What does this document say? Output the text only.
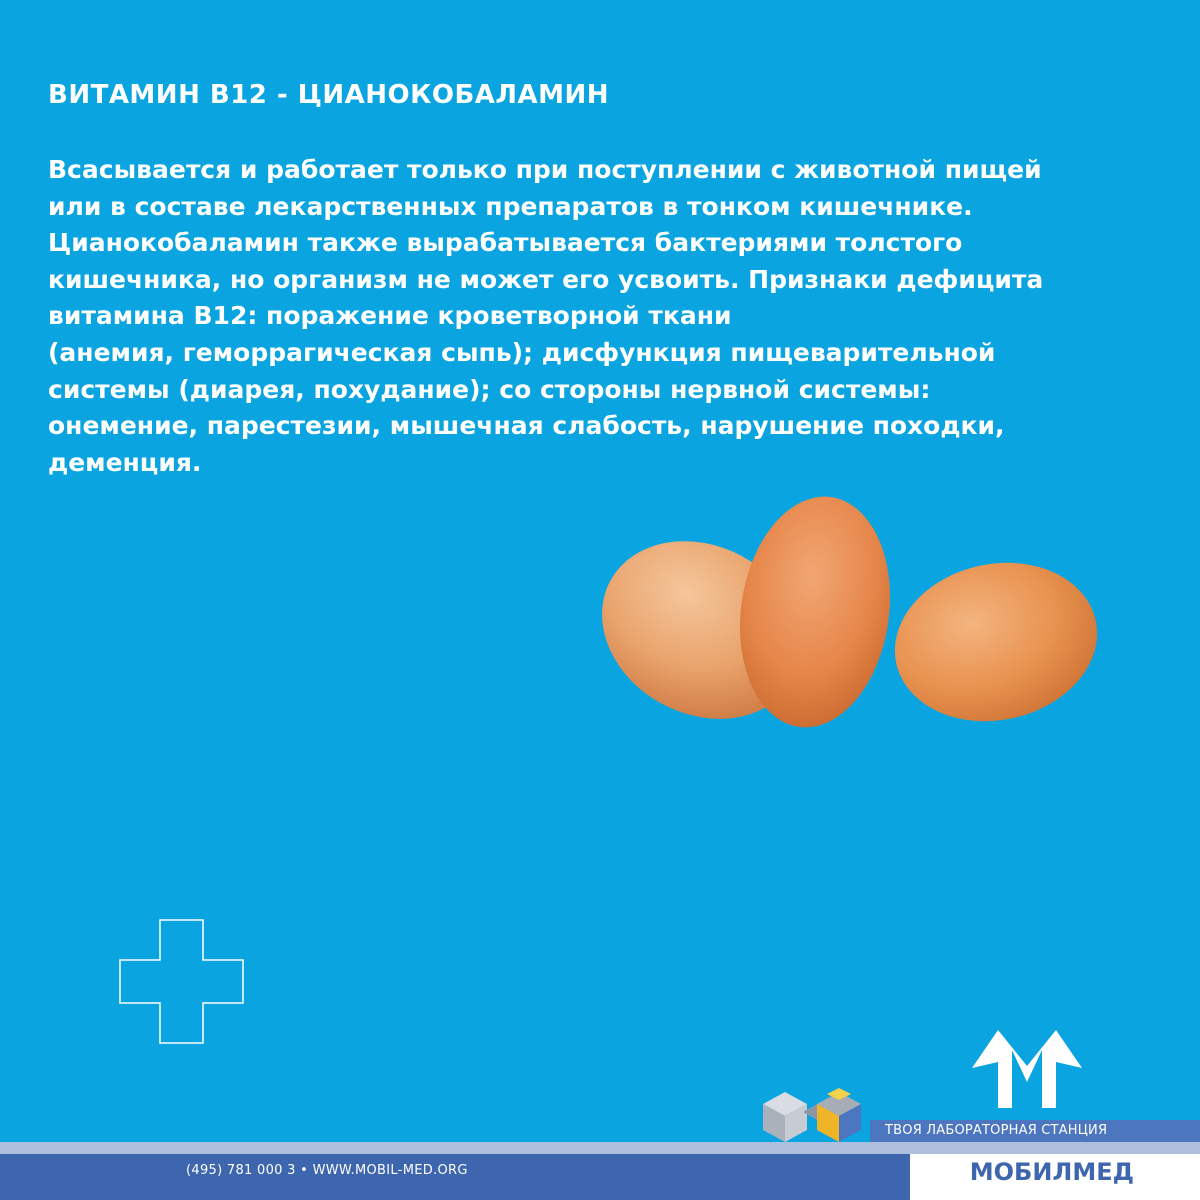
ВИТАМИН B12 - ЦИАНОКОБАЛАМИН
Всасывается и работает только при поступлении с животной пищей
или в составе лекарственных препаратов в тонком кишечнике.
Цианокобаламин также вырабатывается бактериями толстого
кишечника, но организм не может его усвоить. Признаки дефицита
витамина B12: поражение кроветворной ткани
(анемия, геморрагическая сыпь); дисфункция пищеварительной
системы (диарея, похудание); со стороны нервной системы:
онемение, парестезии, мышечная слабость, нарушение походки,
деменция.
ТВОЯ ЛАБОРАТОРНАЯ СТАНЦИЯ
(495) 781 000 3 • WWW.MOBIL-MED.ORG	МОБИЛМЕД
